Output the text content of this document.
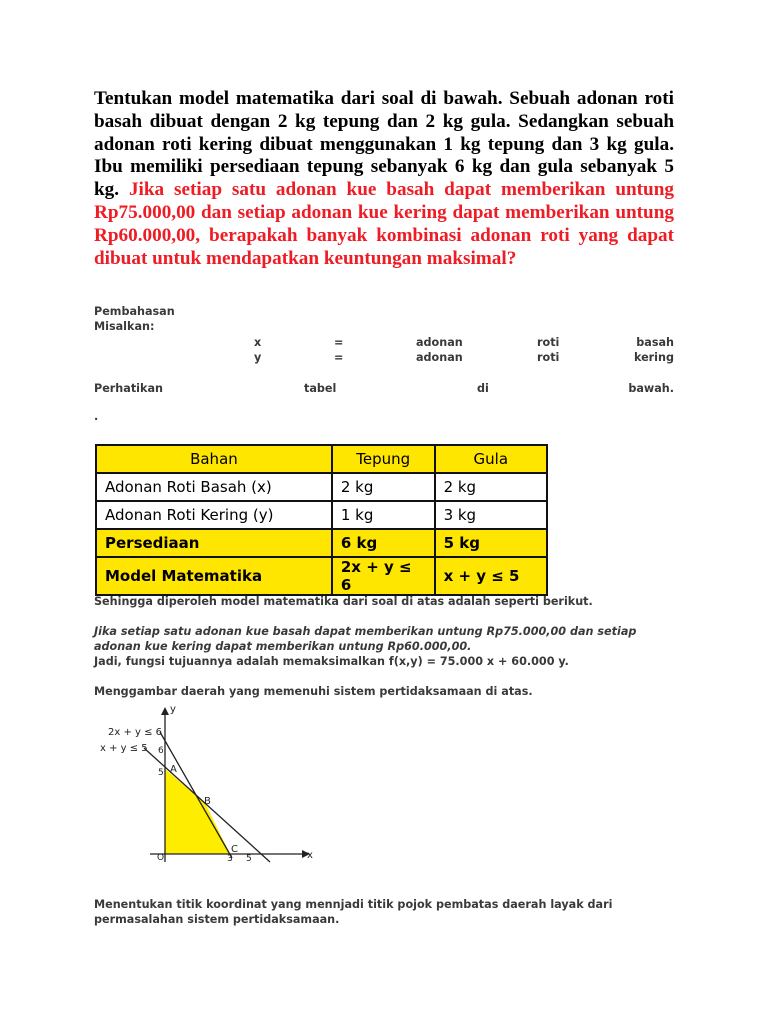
Tentukan model matematika dari soal di bawah. Sebuah adonan roti basah dibuat dengan 2 kg tepung dan 2 kg gula. Sedangkan sebuah adonan roti kering dibuat menggunakan 1 kg tepung dan 3 kg gula. Ibu memiliki persediaan tepung sebanyak 6 kg dan gula sebanyak 5 kg. Jika setiap satu adonan kue basah dapat memberikan untung Rp75.000,00 dan setiap adonan kue kering dapat memberikan untung Rp60.000,00, berapakah banyak kombinasi adonan roti yang dapat dibuat untuk mendapatkan keuntungan maksimal?
Pembahasan
Misalkan:
x	=	adonan	roti	basah
y	=	adonan	roti	kering
Perhatikan	tabel	di	bawah.
.
Bahan	Tepung	Gula
Adonan Roti Basah (x)	2 kg	2 kg
Adonan Roti Kering (y)	1 kg	3 kg
Persediaan	6 kg	5 kg
Model Matematika	2x + y ≤ 6	x + y ≤ 5
Sehingga diperoleh model matematika dari soal di atas adalah seperti berikut.
Jika setiap satu adonan kue basah dapat memberikan untung Rp75.000,00 dan setiap
adonan kue kering dapat memberikan untung Rp60.000,00.
Jadi, fungsi tujuannya adalah memaksimalkan f(x,y) = 75.000 x + 60.000 y.
Menggambar daerah yang memenuhi sistem pertidaksamaan di atas.
y
x
2x + y ≤ 6
x + y ≤ 5 6
5 A
B
C
O	3 5
Menentukan titik koordinat yang mennjadi titik pojok pembatas daerah layak dari
permasalahan sistem pertidaksamaan.
